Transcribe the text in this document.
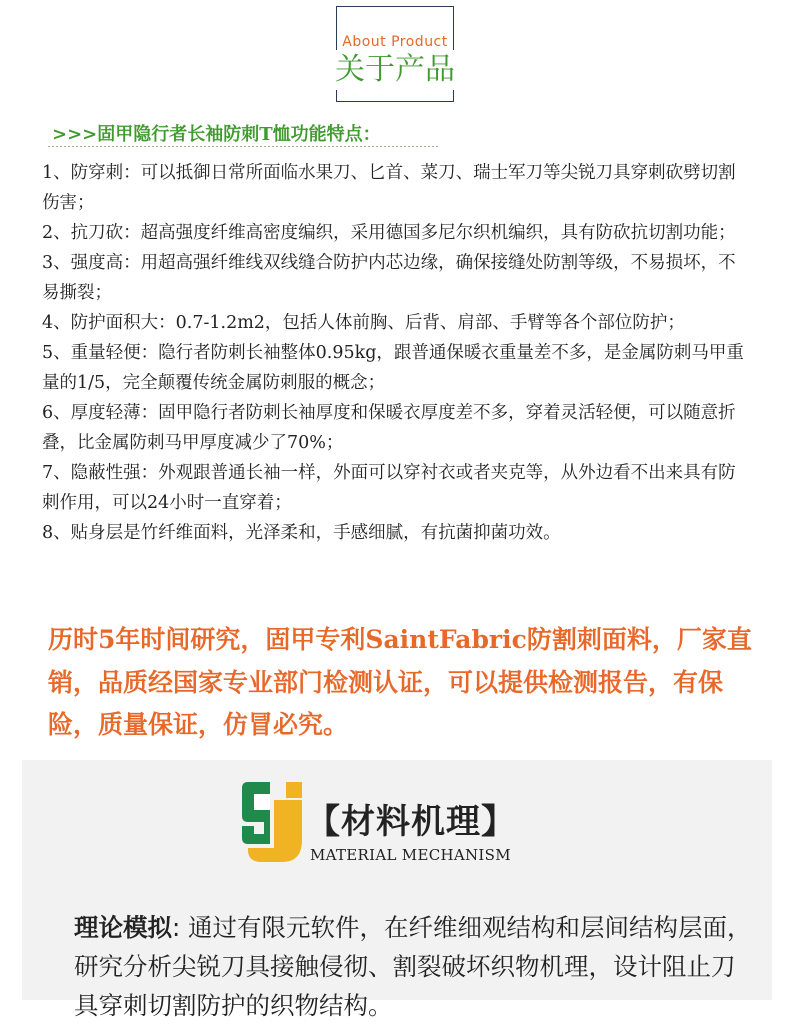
About Product
关于产品
>>>固甲隐行者长袖防刺T恤功能特点：

1、防穿刺：可以抵御日常所面临水果刀、匕首、菜刀、瑞士军刀等尖锐刀具穿刺砍劈切割伤害；

2、抗刀砍：超高强度纤维高密度编织，采用德国多尼尔织机编织，具有防砍抗切割功能；

3、强度高：用超高强纤维线双线缝合防护内芯边缘，确保接缝处防割等级，不易损坏，不易撕裂；

4、防护面积大：0.7-1.2m2，包括人体前胸、后背、肩部、手臂等各个部位防护；

5、重量轻便：隐行者防刺长袖整体0.95kg，跟普通保暖衣重量差不多，是金属防刺马甲重量的1/5，完全颠覆传统金属防刺服的概念；

6、厚度轻薄：固甲隐行者防刺长袖厚度和保暖衣厚度差不多，穿着灵活轻便，可以随意折叠，比金属防刺马甲厚度减少了70%；

7、隐蔽性强：外观跟普通长袖一样，外面可以穿衬衣或者夹克等，从外边看不出来具有防刺作用，可以24小时一直穿着；

8、贴身层是竹纤维面料，光泽柔和，手感细腻，有抗菌抑菌功效。

历时5年时间研究，固甲专利SaintFabric防割刺面料，厂家直销，品质经国家专业部门检测认证，可以提供检测报告，有保险，质量保证，仿冒必究。
【材料机理】
MATERIAL MECHANISM
理论模拟: 通过有限元软件，在纤维细观结构和层间结构层面，研究分析尖锐刀具接触侵彻、割裂破坏织物机理，设计阻止刀具穿刺切割防护的织物结构。
